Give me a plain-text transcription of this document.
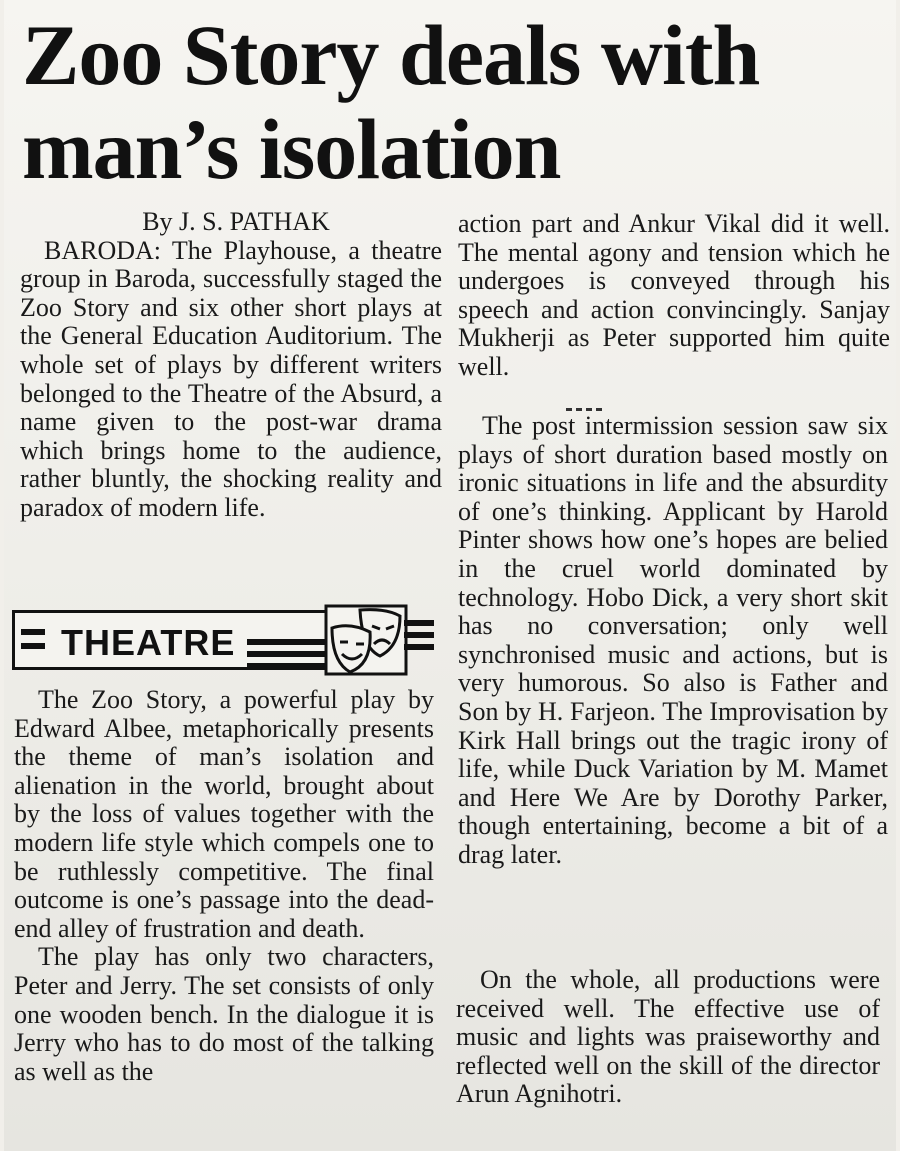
Zoo Story deals with
man’s isolation

By J. S. PATHAK

BARODA: The Playhouse, a theatre group in Baroda, successfully staged the Zoo Story and six other short plays at the General Education Auditorium. The whole set of plays by different writers belonged to the Theatre of the Absurd, a name given to the post-war drama which brings home to the audience, rather bluntly, the shocking reality and paradox of modern life.

THEATRE

The Zoo Story, a powerful play by Edward Albee, metaphorically presents the theme of man’s isolation and alienation in the world, brought about by the loss of values together with the modern life style which compels one to be ruthlessly competitive. The final outcome is one’s passage into the dead-end alley of frustration and death.

The play has only two characters, Peter and Jerry. The set consists of only one wooden bench. In the dialogue it is Jerry who has to do most of the talking as well as the

action part and Ankur Vikal did it well. The mental agony and tension which he undergoes is conveyed through his speech and action convincingly. Sanjay Mukherji as Peter supported him quite well.

The post intermission session saw six plays of short duration based mostly on ironic situations in life and the absurdity of one’s thinking. Applicant by Harold Pinter shows how one’s hopes are belied in the cruel world dominated by technology. Hobo Dick, a very short skit has no conversation; only well synchronised music and actions, but is very humorous. So also is Father and Son by H. Farjeon. The Improvisation by Kirk Hall brings out the tragic irony of life, while Duck Variation by M. Mamet and Here We Are by Dorothy Parker, though entertaining, become a bit of a drag later.

On the whole, all productions were received well. The effective use of music and lights was praiseworthy and reflected well on the skill of the director Arun Agnihotri.
